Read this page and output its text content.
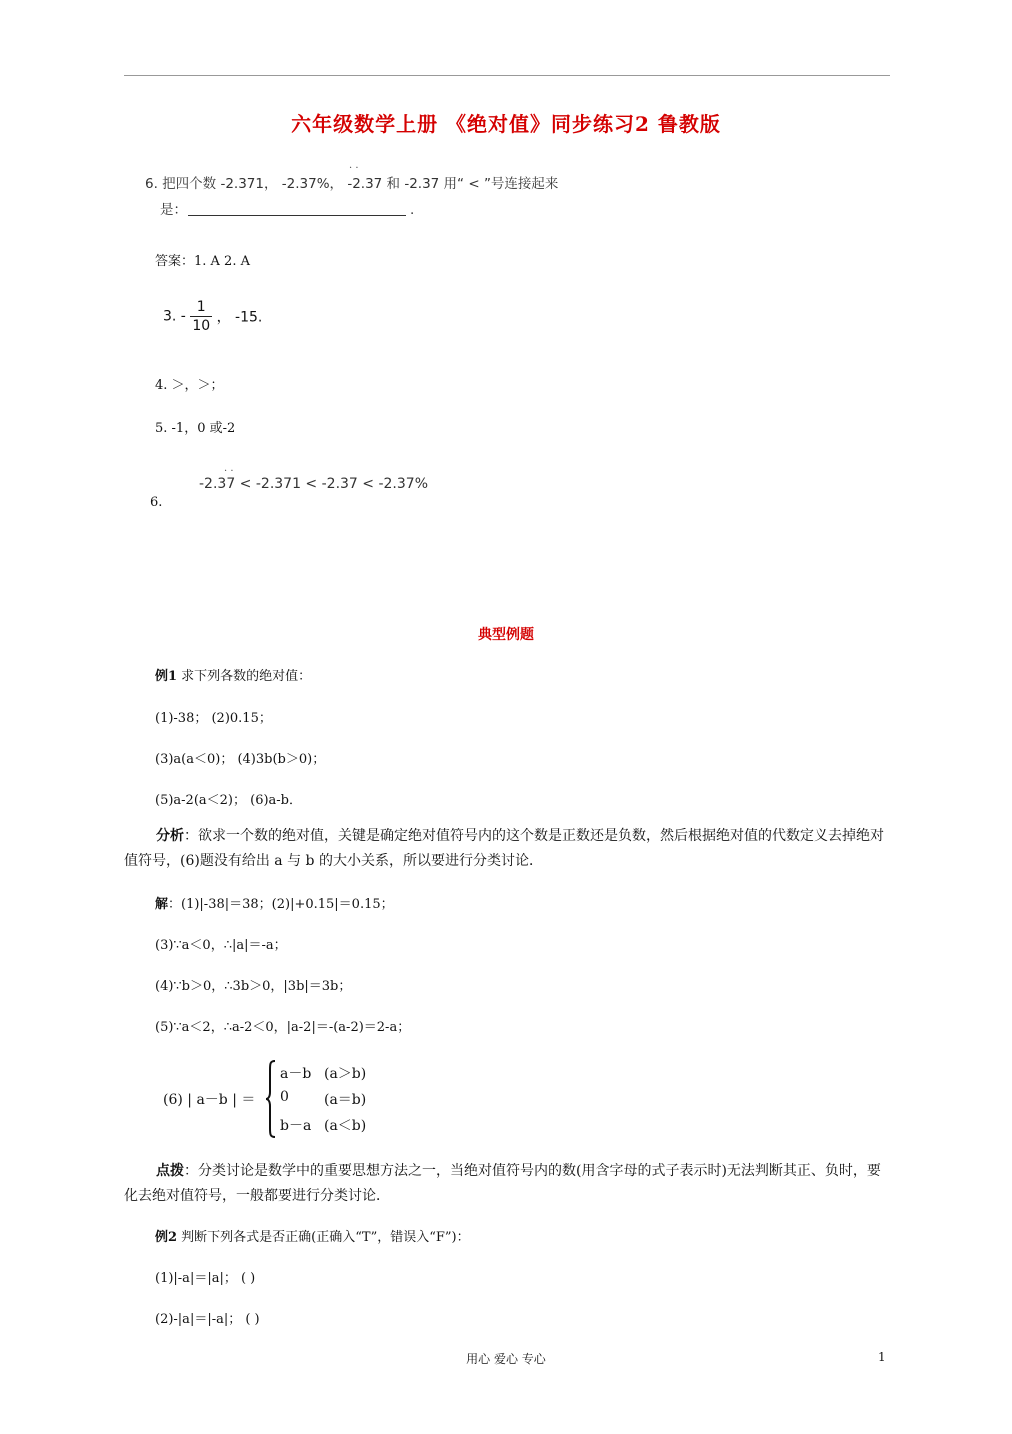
六年级数学上册 《绝对值》同步练习2 鲁教版
6. 把四个数 -2.371， -2.37%， -2.37 和 -2.37 用“ < ”号连接起来
· ·
是：	.
答案：1. A 2. A
3. - $\frac{1}{10}$ ， -15.
4. ＞，＞；
5. -1，0 或-2
· ·
-2.37 < -2.371 < -2.37 < -2.37%
6.
典型例题
例1 求下列各数的绝对值：
(1)-38； (2)0.15；
(3)a(a＜0)； (4)3b(b＞0)；
(5)a-2(a＜2)； (6)a-b．
分析：欲求一个数的绝对值，关键是确定绝对值符号内的这个数是正数还是负数，然后根据绝对值的代数定义去掉绝对值符号，(6)题没有给出 a 与 b 的大小关系，所以要进行分类讨论．
解：(1)|-38|＝38；(2)|+0.15|＝0.15；
(3)∵a＜0，∴|a|＝-a；
(4)∵b＞0，∴3b＞0，|3b|＝3b；
(5)∵a＜2，∴a-2＜0，|a-2|＝-(a-2)＝2-a；
(6) | a－b | ＝
a－b (a＞b)
0	(a＝b)
b－a (a＜b)
点拨：分类讨论是数学中的重要思想方法之一，当绝对值符号内的数(用含字母的式子表示时)无法判断其正、负时，要化去绝对值符号，一般都要进行分类讨论．
例2 判断下列各式是否正确(正确入“T”，错误入“F”)：
(1)|-a|＝|a|； ( )
(2)-|a|＝|-a|； ( )
用心 爱心 专心	1
